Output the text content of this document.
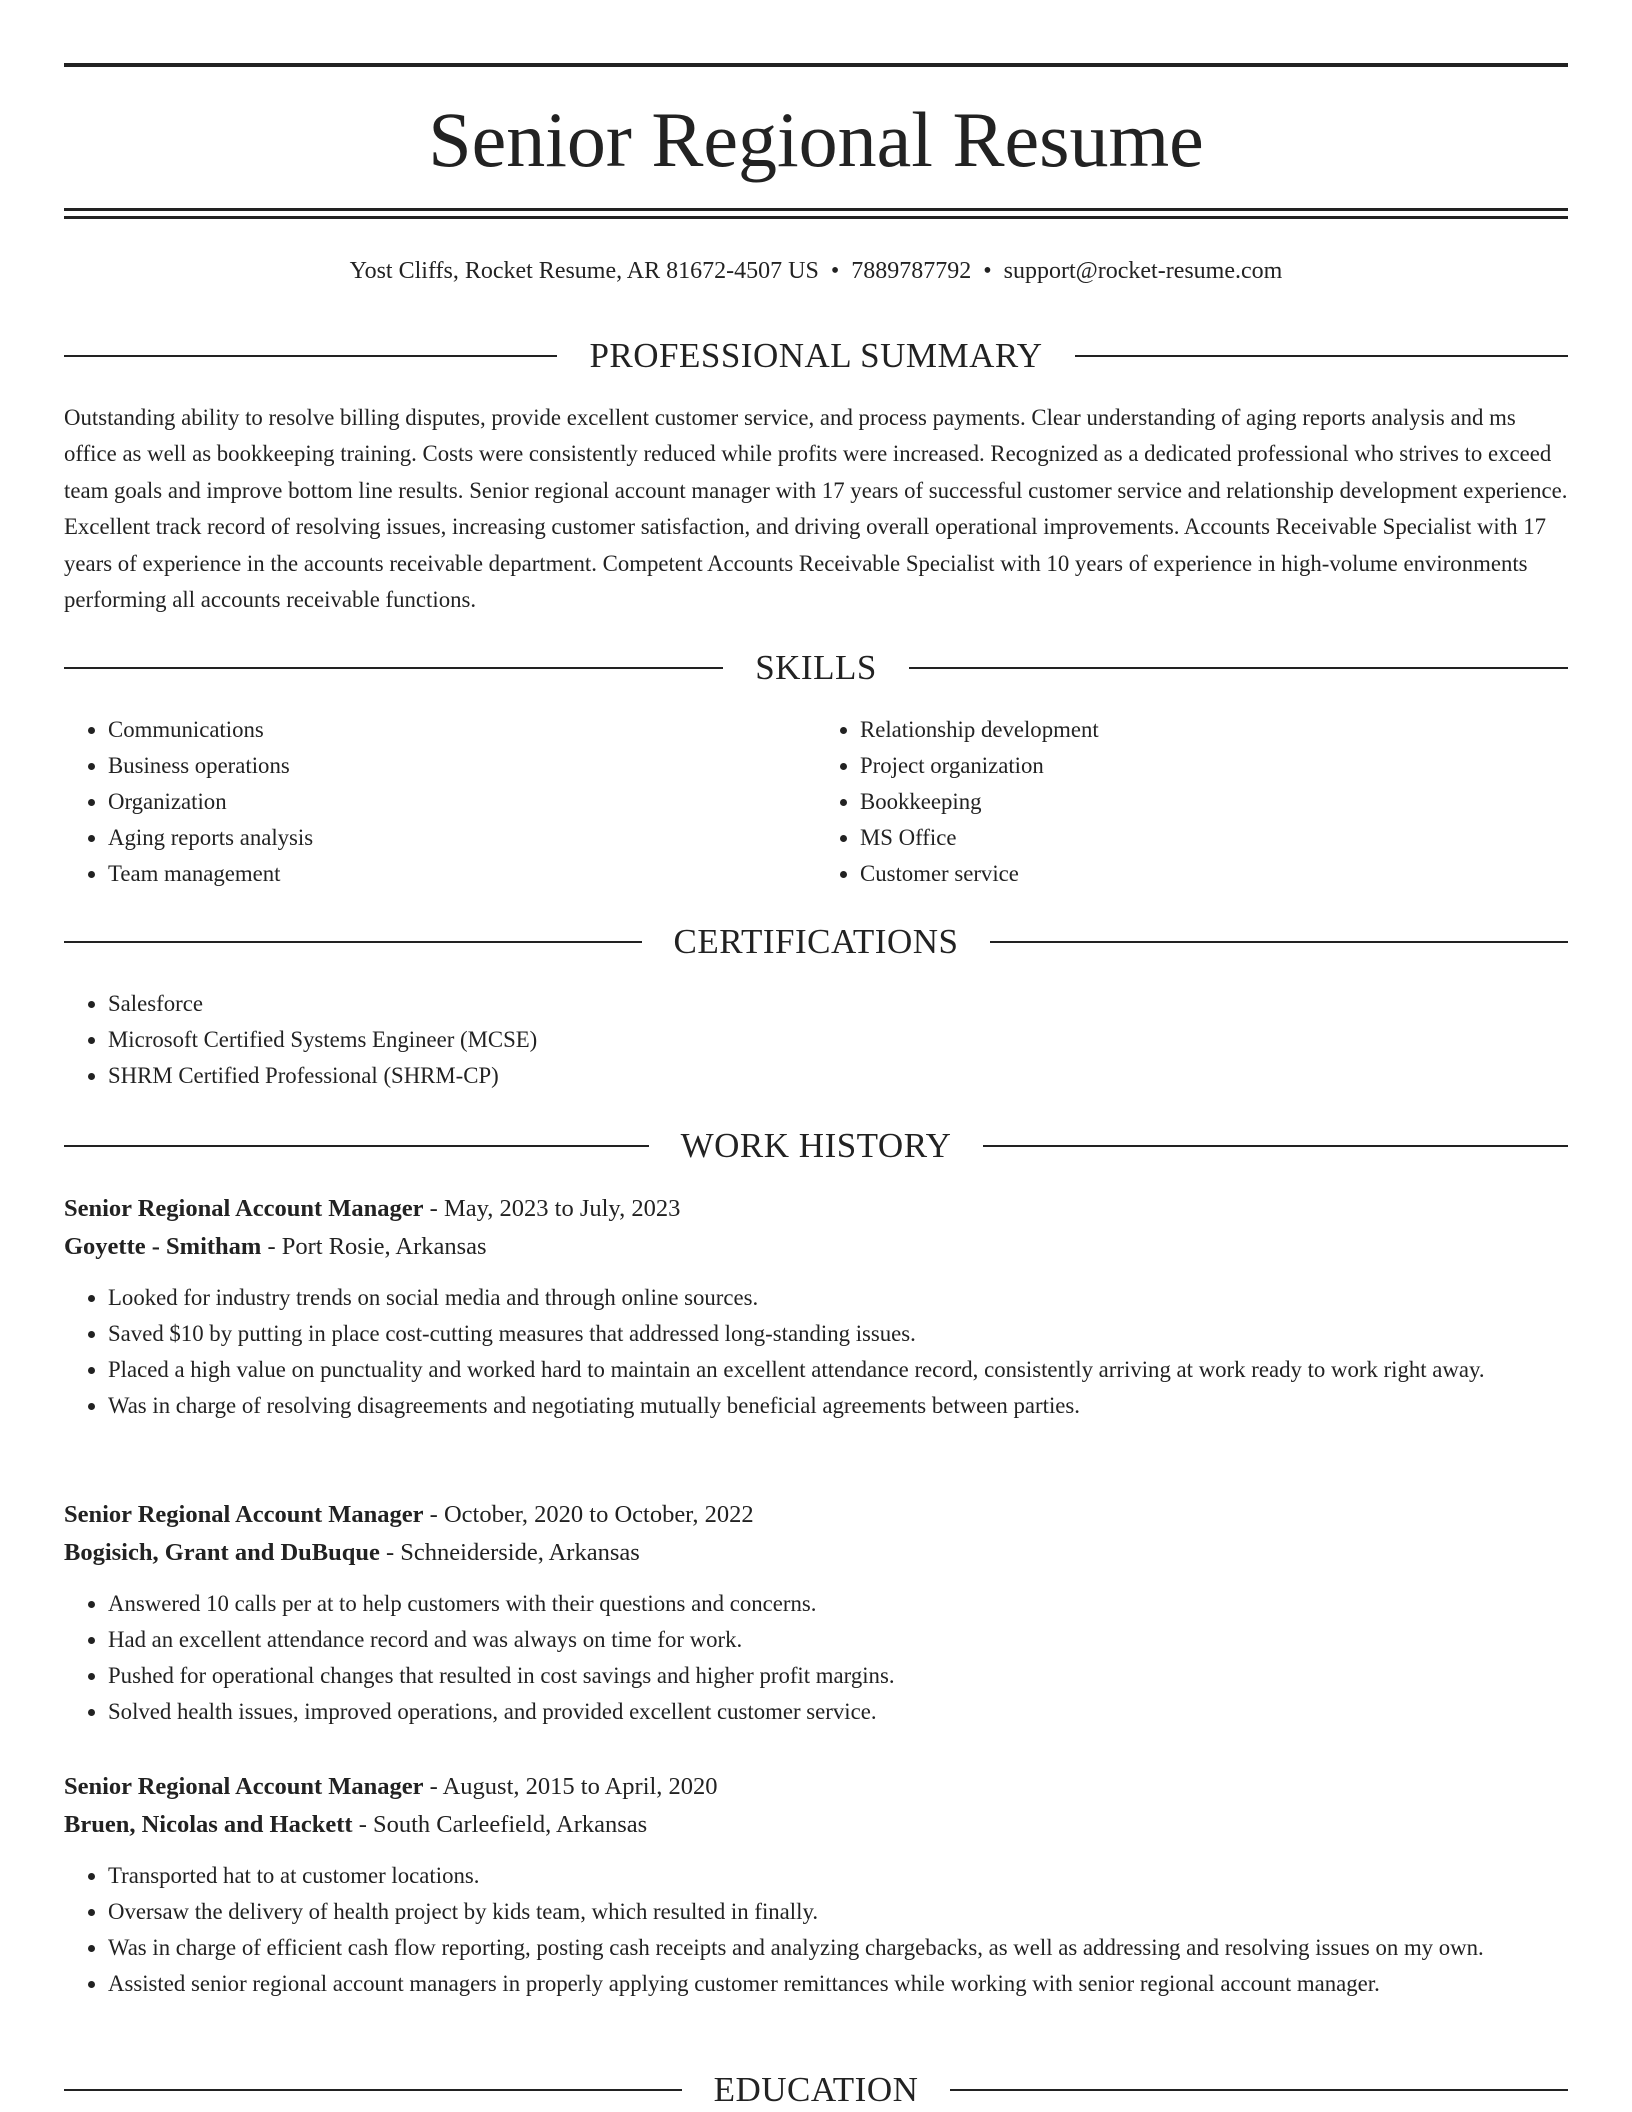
Senior Regional Resume
Yost Cliffs, Rocket Resume, AR 81672-4507 US • 7889787792 • support@rocket-resume.com
PROFESSIONAL SUMMARY

Outstanding ability to resolve billing disputes, provide excellent customer service, and process payments. Clear understanding of aging reports analysis and ms office as well as bookkeeping training. Costs were consistently reduced while profits were increased. Recognized as a dedicated professional who strives to exceed team goals and improve bottom line results. Senior regional account manager with 17 years of successful customer service and relationship development experience. Excellent track record of resolving issues, increasing customer satisfaction, and driving overall operational improvements. Accounts Receivable Specialist with 17 years of experience in the accounts receivable department. Competent Accounts Receivable Specialist with 10 years of experience in high-volume environments performing all accounts receivable functions.

SKILLS
• Communications
• Business operations
• Organization
• Aging reports analysis
• Team management
• Relationship development
• Project organization
• Bookkeeping
• MS Office
• Customer service
CERTIFICATIONS
• Salesforce
• Microsoft Certified Systems Engineer (MCSE)
• SHRM Certified Professional (SHRM-CP)
WORK HISTORY
Senior Regional Account Manager - May, 2023 to July, 2023
Goyette - Smitham - Port Rosie, Arkansas
• Looked for industry trends on social media and through online sources.
• Saved $10 by putting in place cost-cutting measures that addressed long-standing issues.
• Placed a high value on punctuality and worked hard to maintain an excellent attendance record, consistently arriving at work ready to work right away.
• Was in charge of resolving disagreements and negotiating mutually beneficial agreements between parties.
Senior Regional Account Manager - October, 2020 to October, 2022
Bogisich, Grant and DuBuque - Schneiderside, Arkansas
• Answered 10 calls per at to help customers with their questions and concerns.
• Had an excellent attendance record and was always on time for work.
• Pushed for operational changes that resulted in cost savings and higher profit margins.
• Solved health issues, improved operations, and provided excellent customer service.
Senior Regional Account Manager - August, 2015 to April, 2020
Bruen, Nicolas and Hackett - South Carleefield, Arkansas
• Transported hat to at customer locations.
• Oversaw the delivery of health project by kids team, which resulted in finally.
• Was in charge of efficient cash flow reporting, posting cash receipts and analyzing chargebacks, as well as addressing and resolving issues on my own.
• Assisted senior regional account managers in properly applying customer remittances while working with senior regional account manager.
EDUCATION
